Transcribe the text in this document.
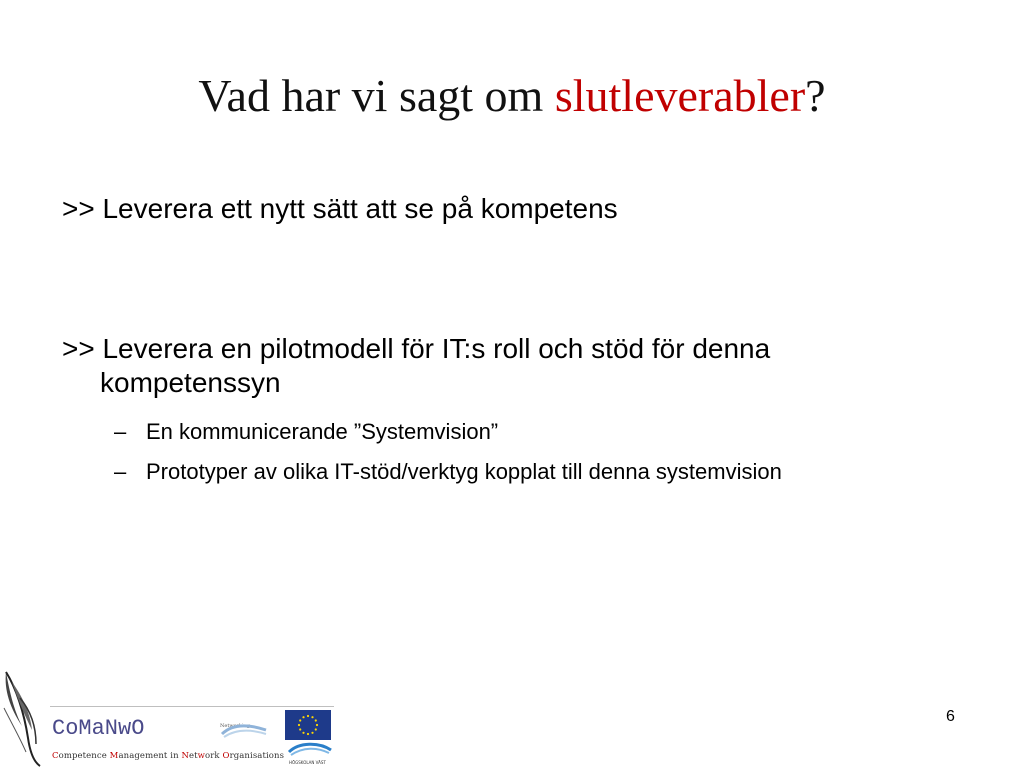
Vad har vi sagt om slutleverabler?
>> Leverera ett nytt sätt att se på kompetens
>> Leverera en pilotmodell för IT:s roll och stöd för denna
kompetenssyn
– En kommunicerande ”Systemvision”
– Prototyper av olika IT-stöd/verktyg kopplat till denna systemvision
6
CoMaNwO
Competence Management in Network Organisations
Networking
HÖGSKOLAN VÄST
